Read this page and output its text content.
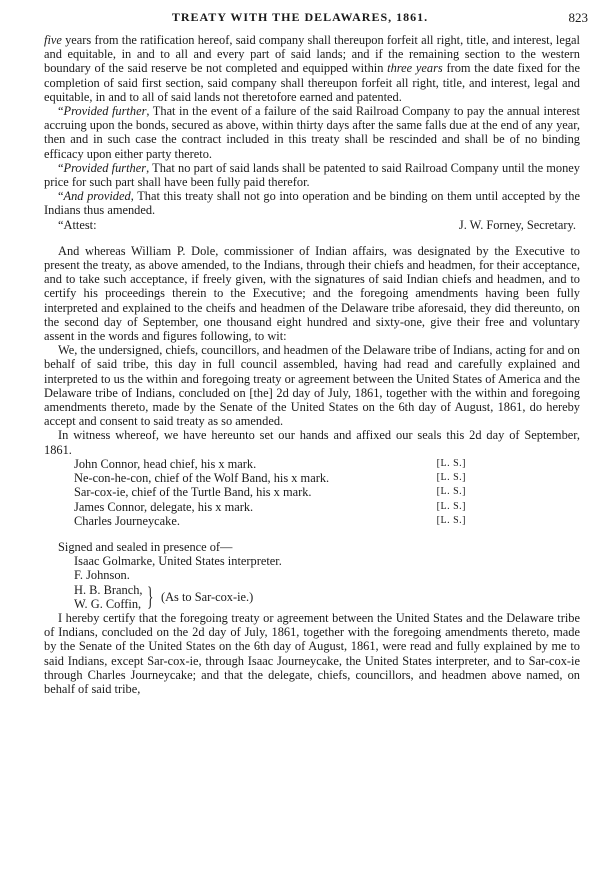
TREATY WITH THE DELAWARES, 1861.	823

five years from the ratification hereof, said company shall thereupon forfeit all right, title, and interest, legal and equitable, in and to all and every part of said lands; and if the remaining section to the western boundary of the said reserve be not completed and equipped within three years from the date fixed for the completion of said first section, said company shall thereupon forfeit all right, title, and interest, legal and equitable, in and to all of said lands not theretofore earned and patented.

“Provided further, That in the event of a failure of the said Railroad Company to pay the annual interest accruing upon the bonds, secured as above, within thirty days after the same falls due at the end of any year, then and in such case the contract included in this treaty shall be rescinded and shall be of no binding efficacy upon either party thereto.

“Provided further, That no part of said lands shall be patented to said Railroad Company until the money price for such part shall have been fully paid therefor.

“And provided, That this treaty shall not go into operation and be binding on them until accepted by the Indians thus amended.

“Attest:	J. W. Forney, Secretary.

And whereas William P. Dole, commissioner of Indian affairs, was designated by the Executive to present the treaty, as above amended, to the Indians, through their chiefs and headmen, for their acceptance, and to take such acceptance, if freely given, with the signatures of said Indian chiefs and headmen, and to certify his proceedings therein to the Executive; and the foregoing amendments having been fully interpreted and explained to the cheifs and headmen of the Delaware tribe aforesaid, they did thereunto, on the second day of September, one thousand eight hundred and sixty-one, give their free and voluntary assent in the words and figures following, to wit:

We, the undersigned, chiefs, councillors, and headmen of the Delaware tribe of Indians, acting for and on behalf of said tribe, this day in full council assembled, having had read and carefully explained and interpreted to us the within and foregoing treaty or agreement between the United States of America and the Delaware tribe of Indians, concluded on [the] 2d day of July, 1861, together with the within and foregoing amendments thereto, made by the Senate of the United States on the 6th day of August, 1861, do hereby accept and consent to said treaty as so amended.

In witness whereof, we have hereunto set our hands and affixed our seals this 2d day of September, 1861.

John Connor, head chief, his x mark.	[L. S.]
Ne-con-he-con, chief of the Wolf Band, his x mark.	[L. S.]
Sar-cox-ie, chief of the Turtle Band, his x mark.	[L. S.]
James Connor, delegate, his x mark.	[L. S.]
Charles Journeycake.	[L. S.]

Signed and sealed in presence of—

Isaac Golmarke, United States interpreter.
F. Johnson.
H. B. Branch,
W. G. Coffin, } (As to Sar-cox-ie.)

I hereby certify that the foregoing treaty or agreement between the United States and the Delaware tribe of Indians, concluded on the 2d day of July, 1861, together with the foregoing amendments thereto, made by the Senate of the United States on the 6th day of August, 1861, were read and fully explained by me to said Indians, except Sar-cox-ie, through Isaac Journeycake, the United States interpreter, and to Sar-cox-ie through Charles Journeycake; and that the delegate, chiefs, councillors, and headmen above named, on behalf of said tribe,
